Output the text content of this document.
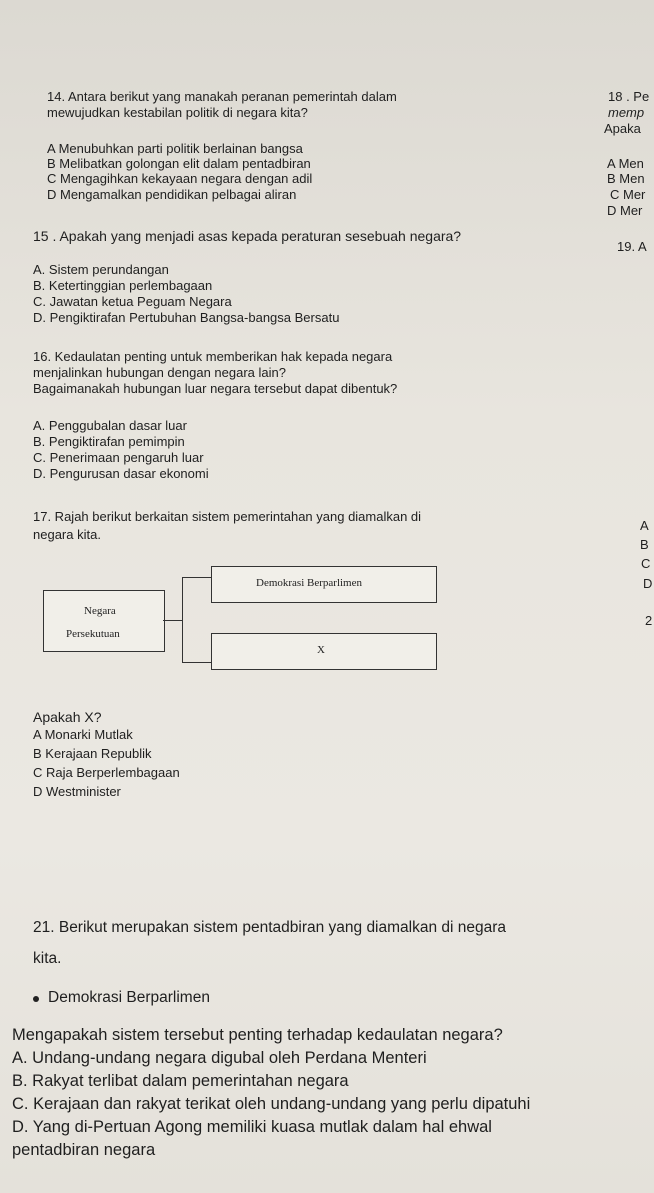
14. Antara berikut yang manakah peranan pemerintah dalam
mewujudkan kestabilan politik di negara kita?
A Menubuhkan parti politik berlainan bangsa
B Melibatkan golongan elit dalam pentadbiran
C Mengagihkan kekayaan negara dengan adil
D Mengamalkan pendidikan pelbagai aliran
15 . Apakah yang menjadi asas kepada peraturan sesebuah negara?
A. Sistem perundangan
B. Ketertinggian perlembagaan
C. Jawatan ketua Peguam Negara
D. Pengiktirafan Pertubuhan Bangsa-bangsa Bersatu
16. Kedaulatan penting untuk memberikan hak kepada negara
menjalinkan hubungan dengan negara lain?
Bagaimanakah hubungan luar negara tersebut dapat dibentuk?
A. Penggubalan dasar luar
B. Pengiktirafan pemimpin
C. Penerimaan pengaruh luar
D. Pengurusan dasar ekonomi
17. Rajah berikut berkaitan sistem pemerintahan yang diamalkan di
negara kita.
Negara
Persekutuan
Demokrasi Berparlimen
X
Apakah X?
A Monarki Mutlak
B Kerajaan Republik
C Raja Berperlembagaan
D Westminister
18 . Pe
memp
Apaka
A Men
B Men
C Mer
D Mer
19. A
A
B
C
D
2
21. Berikut merupakan sistem pentadbiran yang diamalkan di negara
kita.
Demokrasi Berparlimen
Mengapakah sistem tersebut penting terhadap kedaulatan negara?
A. Undang-undang negara digubal oleh Perdana Menteri
B. Rakyat terlibat dalam pemerintahan negara
C. Kerajaan dan rakyat terikat oleh undang-undang yang perlu dipatuhi
D. Yang di-Pertuan Agong memiliki kuasa mutlak dalam hal ehwal
pentadbiran negara
